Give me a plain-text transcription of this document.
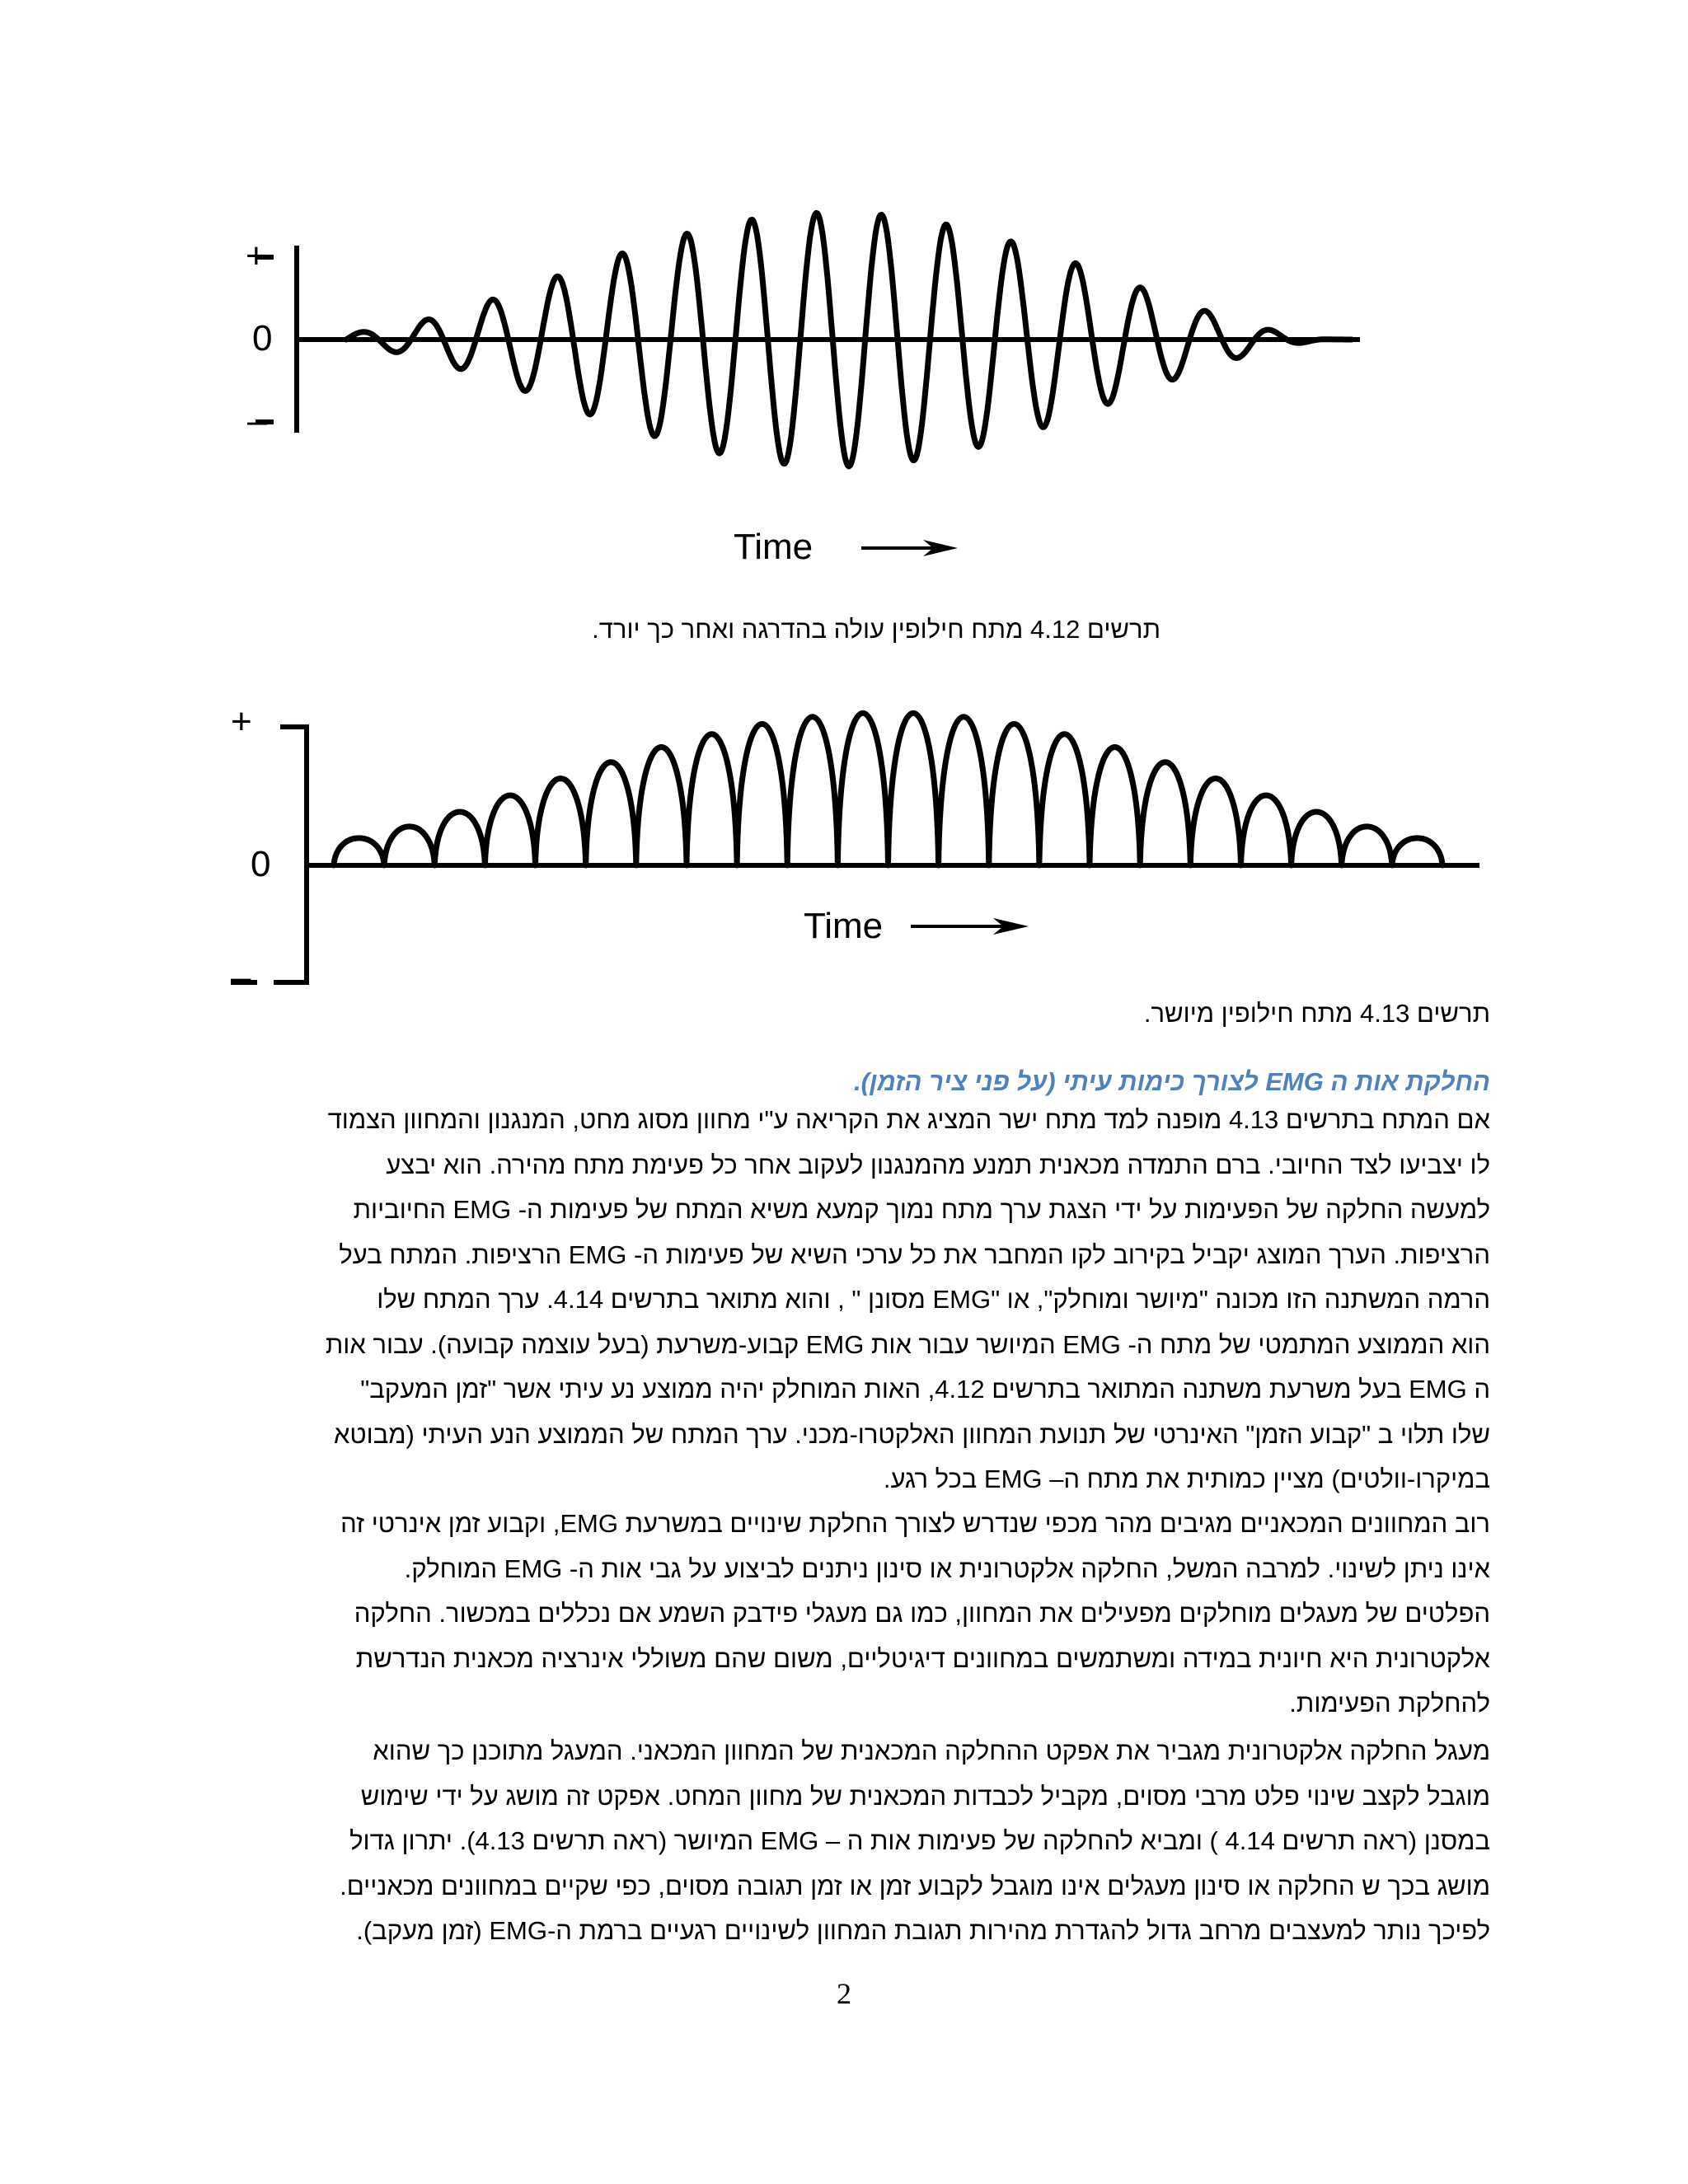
+
0
–
Time
תרשים 4.12 מתח חילופין עולה בהדרגה ואחר כך יורד.
+
0
–
Time
תרשים 4.13 מתח חילופין מיושר.
החלקת אות ה EMG לצורך כימות עיתי (על פני ציר הזמן).
אם המתח בתרשים 4.13 מופנה למד מתח ישר המציג את הקריאה ע"י מחוון מסוג מחט, המנגנון והמחוון הצמוד
לו יצביעו לצד החיובי. ברם התמדה מכאנית תמנע מהמנגנון לעקוב אחר כל פעימת מתח מהירה. הוא יבצע
למעשה החלקה של הפעימות על ידי הצגת ערך מתח נמוך קמעא משיא המתח של פעימות ה- EMG החיוביות
הרציפות. הערך המוצג יקביל בקירוב לקו המחבר את כל ערכי השיא של פעימות ה- EMG הרציפות. המתח בעל
הרמה המשתנה הזו מכונה "מיושר ומוחלק", או "EMG מסונן " , והוא מתואר בתרשים 4.14. ערך המתח שלו
הוא הממוצע המתמטי של מתח ה- EMG המיושר עבור אות EMG קבוע-משרעת (בעל עוצמה קבועה). עבור אות
ה EMG בעל משרעת משתנה המתואר בתרשים 4.12, האות המוחלק יהיה ממוצע נע עיתי אשר "זמן המעקב"
שלו תלוי ב "קבוע הזמן" האינרטי של תנועת המחוון האלקטרו-מכני. ערך המתח של הממוצע הנע העיתי (מבוטא
במיקרו-וולטים) מציין כמותית את מתח ה– EMG בכל רגע.
רוב המחוונים המכאניים מגיבים מהר מכפי שנדרש לצורך החלקת שינויים במשרעת EMG, וקבוע זמן אינרטי זה
אינו ניתן לשינוי. למרבה המשל, החלקה אלקטרונית או סינון ניתנים לביצוע על גבי אות ה- EMG המוחלק.
הפלטים של מעגלים מוחלקים מפעילים את המחוון, כמו גם מעגלי פידבק השמע אם נכללים במכשור. החלקה
אלקטרונית היא חיונית במידה ומשתמשים במחוונים דיגיטליים, משום שהם משוללי אינרציה מכאנית הנדרשת
להחלקת הפעימות.
מעגל החלקה אלקטרונית מגביר את אפקט ההחלקה המכאנית של המחוון המכאני. המעגל מתוכנן כך שהוא
מוגבל לקצב שינוי פלט מרבי מסוים, מקביל לכבדות המכאנית של מחוון המחט. אפקט זה מושג על ידי שימוש
במסנן (ראה תרשים 4.14 ) ומביא להחלקה של פעימות אות ה – EMG המיושר (ראה תרשים 4.13). יתרון גדול
מושג בכך ש החלקה או סינון מעגלים אינו מוגבל לקבוע זמן או זמן תגובה מסוים, כפי שקיים במחוונים מכאניים.
לפיכך נותר למעצבים מרחב גדול להגדרת מהירות תגובת המחוון לשינויים רגעיים ברמת ה-EMG (זמן מעקב).
2
